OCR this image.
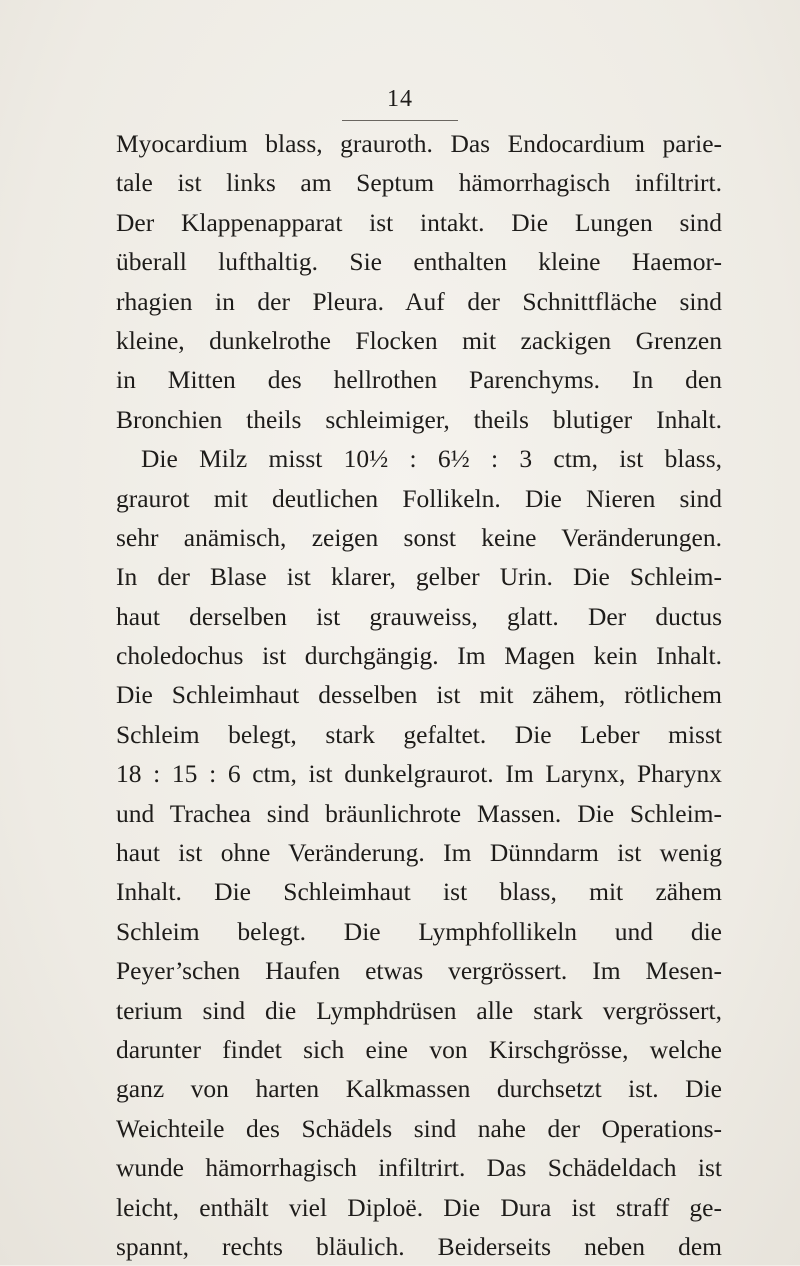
14
Myocardium blass, grauroth. Das Endocardium parie-
tale ist links am Septum hämorrhagisch infiltrirt.
Der Klappenapparat ist intakt. Die Lungen sind
überall lufthaltig. Sie enthalten kleine Haemor-
rhagien in der Pleura. Auf der Schnittfläche sind
kleine, dunkelrothe Flocken mit zackigen Grenzen
in Mitten des hellrothen Parenchyms. In den
Bronchien theils schleimiger, theils blutiger Inhalt.
Die Milz misst 10½ : 6½ : 3 ctm, ist blass,
graurot mit deutlichen Follikeln. Die Nieren sind
sehr anämisch, zeigen sonst keine Veränderungen.
In der Blase ist klarer, gelber Urin. Die Schleim-
haut derselben ist grauweiss, glatt. Der ductus
choledochus ist durchgängig. Im Magen kein Inhalt.
Die Schleimhaut desselben ist mit zähem, rötlichem
Schleim belegt, stark gefaltet. Die Leber misst
18 : 15 : 6 ctm, ist dunkelgraurot. Im Larynx, Pharynx
und Trachea sind bräunlichrote Massen. Die Schleim-
haut ist ohne Veränderung. Im Dünndarm ist wenig
Inhalt. Die Schleimhaut ist blass, mit zähem
Schleim belegt. Die Lymphfollikeln und die
Peyer’schen Haufen etwas vergrössert. Im Mesen-
terium sind die Lymphdrüsen alle stark vergrössert,
darunter findet sich eine von Kirschgrösse, welche
ganz von harten Kalkmassen durchsetzt ist. Die
Weichteile des Schädels sind nahe der Operations-
wunde hämorrhagisch infiltrirt. Das Schädeldach ist
leicht, enthält viel Diploë. Die Dura ist straff ge-
spannt, rechts bläulich. Beiderseits neben dem
